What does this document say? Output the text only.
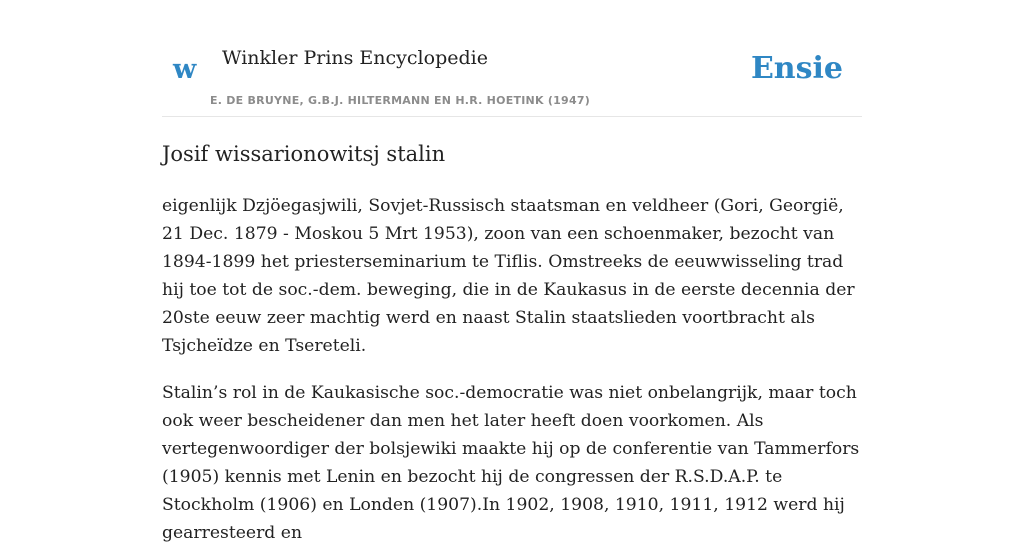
w Winkler Prins Encyclopedie
E. DE BRUYNE, G.B.J. HILTERMANN EN H.R. HOETINK (1947)
Ensie
Josif wissarionowitsj stalin

eigenlijk Dzjöegasjwili, Sovjet-Russisch staatsman en veldheer (Gori, Georgië, 21 Dec. 1879 - Moskou 5 Mrt 1953), zoon van een schoenmaker, bezocht van 1894-1899 het priesterseminarium te Tiflis. Omstreeks de eeuwwisseling trad hij toe tot de soc.-dem. beweging, die in de Kaukasus in de eerste decennia der 20ste eeuw zeer machtig werd en naast Stalin staatslieden voortbracht als Tsjcheïdze en Tsereteli.

Stalin’s rol in de Kaukasische soc.-democratie was niet onbelangrijk, maar toch ook weer bescheidener dan men het later heeft doen voorkomen. Als vertegenwoordiger der bolsjewiki maakte hij op de conferentie van Tammerfors (1905) kennis met Lenin en bezocht hij de congressen der R.S.D.A.P. te Stockholm (1906) en Londen (1907).In 1902, 1908, 1910, 1911, 1912 werd hij gearresteerd en
